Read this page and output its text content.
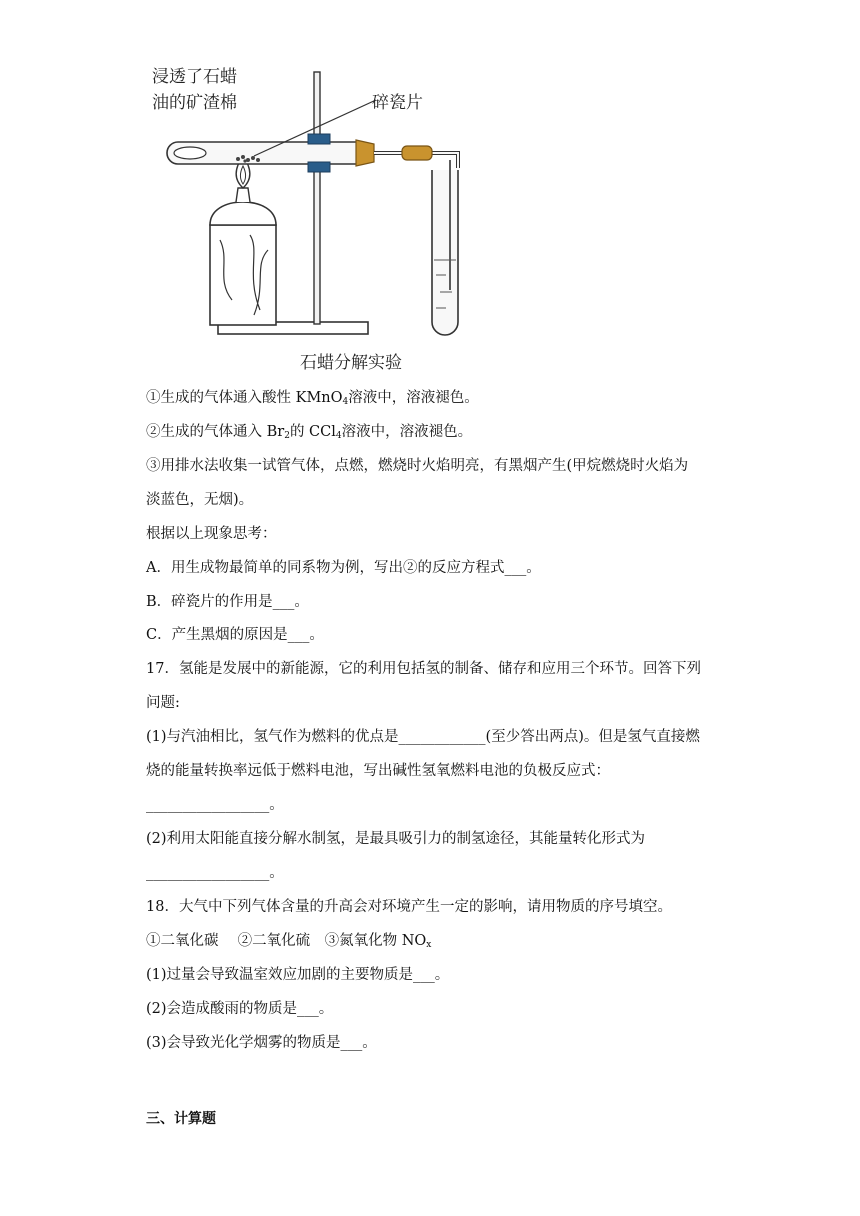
浸透了石蜡
油的矿渣棉	碎瓷片
石蜡分解实验
①生成的气体通入酸性 KMnO$_4$溶液中，溶液褪色。
②生成的气体通入 $Br_2$的 CCl$_4$溶液中，溶液褪色。
③用排水法收集一试管气体，点燃，燃烧时火焰明亮，有黑烟产生(甲烷燃烧时火焰为
淡蓝色，无烟)。
根据以上现象思考：
A．用生成物最简单的同系物为例，写出②的反应方程式___。
B．碎瓷片的作用是___。
C．产生黑烟的原因是___。
17．氢能是发展中的新能源，它的利用包括氢的制备、储存和应用三个环节。回答下列
问题:
(1)与汽油相比，氢气作为燃料的优点是____________(至少答出两点)。但是氢气直接燃
烧的能量转换率远低于燃料电池，写出碱性氢氧燃料电池的负极反应式：
_________________。
(2)利用太阳能直接分解水制氢，是最具吸引力的制氢途径，其能量转化形式为
_________________。
18．大气中下列气体含量的升高会对环境产生一定的影响，请用物质的序号填空。
①二氧化碳　 ②二氧化硫　③氮氧化物 $NO_x$
(1)过量会导致温室效应加剧的主要物质是___。
(2)会造成酸雨的物质是___。
(3)会导致光化学烟雾的物质是___。
三、计算题
